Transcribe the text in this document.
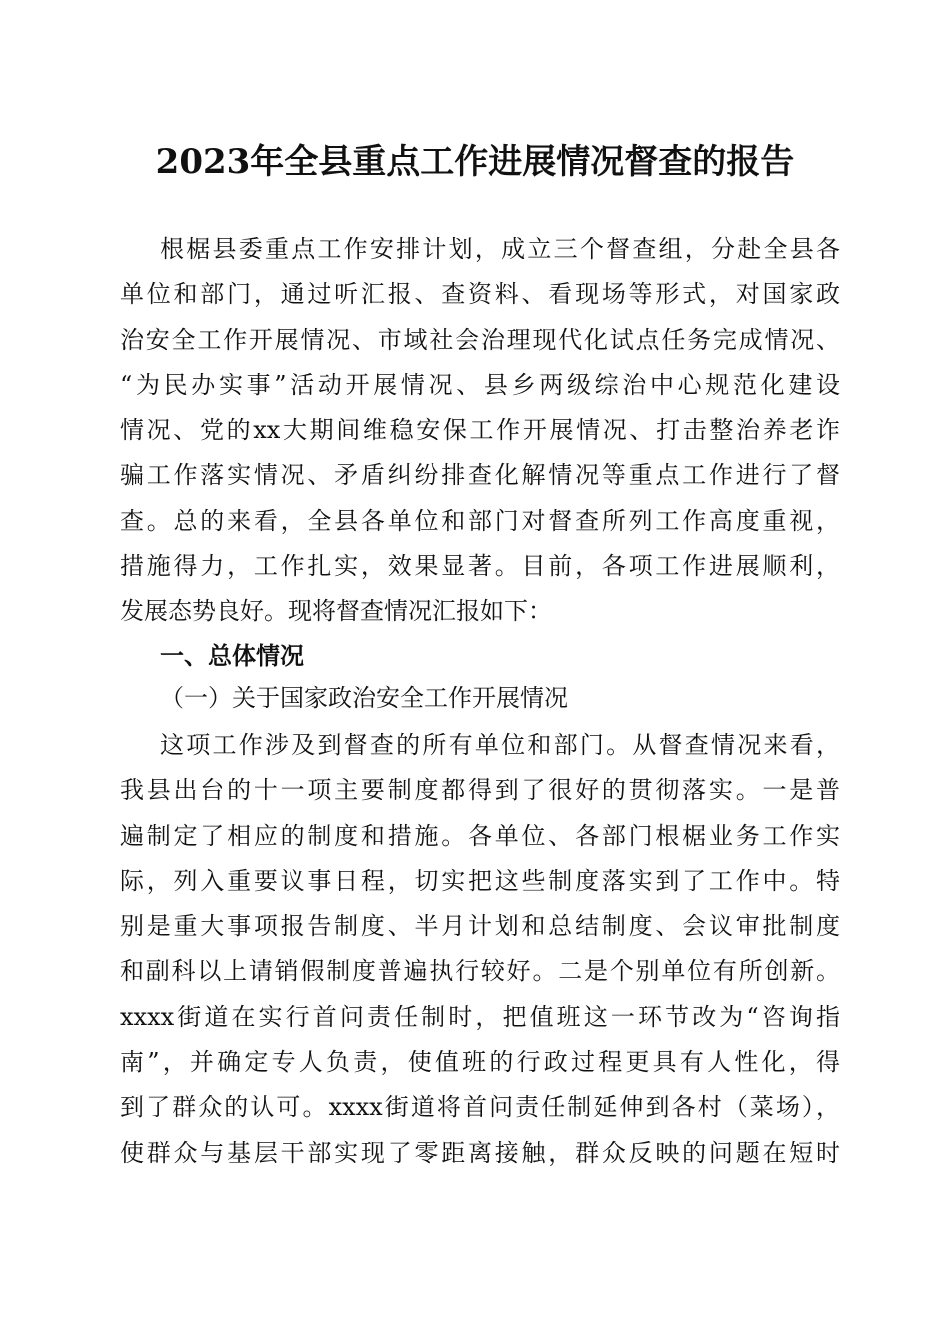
2023年全县重点工作进展情况督查的报告
根椐县委重点工作安排计划，成立三个督查组，分赴全县各
单位和部门，通过听汇报、查资料、看现场等形式，对国家政
治安全工作开展情况、市域社会治理现代化试点任务完成情况、
“为民办实事”活动开展情况、县乡两级综治中心规范化建设
情况、党的xx大期间维稳安保工作开展情况、打击整治养老诈
骗工作落实情况、矛盾纠纷排查化解情况等重点工作进行了督
查。总的来看，全县各单位和部门对督查所列工作高度重视，
措施得力，工作扎实，效果显著。目前，各项工作进展顺利，
发展态势良好。现将督查情况汇报如下：
一、总体情况
（一）关于国家政治安全工作开展情况
这项工作涉及到督查的所有单位和部门。从督查情况来看，
我县出台的十一项主要制度都得到了很好的贯彻落实。一是普
遍制定了相应的制度和措施。各单位、各部门根椐业务工作实
际，列入重要议事日程，切实把这些制度落实到了工作中。特
别是重大事项报告制度、半月计划和总结制度、会议审批制度
和副科以上请销假制度普遍执行较好。二是个别单位有所创新。
xxxx街道在实行首问责任制时，把值班这一环节改为“咨询指
南”，并确定专人负责，使值班的行政过程更具有人性化，得
到了群众的认可。xxxx街道将首问责任制延伸到各村（菜场），
使群众与基层干部实现了零距离接触，群众反映的问题在短时
